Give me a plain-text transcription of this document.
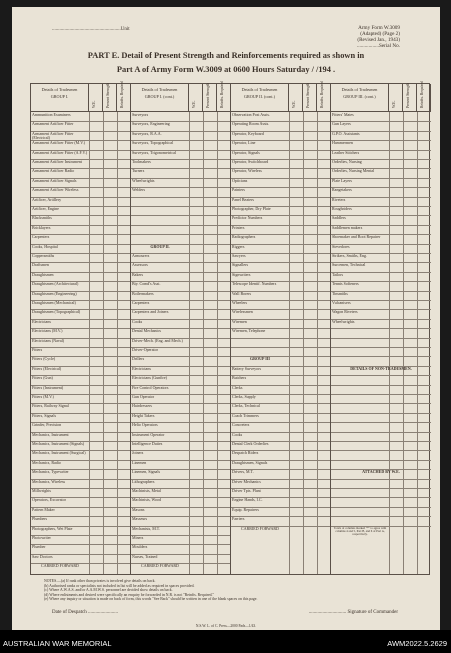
.......................................................Unit	Army Form W.3009
(Adapted) (Page 2)
(Revised Jan., 1943)
.................Serial No.
PART E. Detail of Present Strength and Reinforcements required as shown in
Part A of Army Form W.3009 at 0600 Hours Saturday / /194 .
Details of Tradesmen
GROUP I.
W.E.	Present Strength	Reinfts. Required
Ammunition Examiners
Armament Artificer Fitter
Armament Artificer Fitter (Electrical)
Armament Artificer Fitter (M.V.)
Armament Artificer Fitter (A.F.V.)
Armament Artificer Instrument
Armament Artificer Radio
Armament Artificer Signals
Armament Artificer Wireless
Artificer, Artillery
Artificer, Engine
Blacksmiths
Bricklayers
Carpenters
Cooks, Hospital
Coppersmiths
Draftsmen
Draughtsmen
Draughtsmen (Architectural)
Draughtsmen (Engineering)
Draughtsmen (Mechanical)
Draughtsmen (Topographical)
Electricians
Electricians (M.V.)
Electricians (Naval)
Fitters
Fitters (Cycle)
Fitters (Electrical)
Fitters (Gun)
Fitters (Instrument)
Fitters (M.V.)
Fitters, Railway Signal
Fitters, Signals
Grinder, Precision
Mechanics, Instrument
Mechanics, Instrument (Signals)
Mechanics, Instrument (Surgical)
Mechanics, Radio
Mechanics, Typewriter
Mechanics, Wireless
Millwrights
Operators, Excavator
Pattern Maker
Plumbers
Photographers, Wet Plate
Photowriter
Plumber
Saw Doctors
CARRIED FORWARD
Details of Tradesmen
GROUP I. (cont.)
W.E.	Present Strength	Reinfts. Required
Surveyors
Surveyors, Engineering
Surveyors, R.A.A.
Surveyors, Topographical
Surveyors, Trigonometrical
Toolmakers
Turners
Wheelwrights
Welders
GROUP II.
Armourers
Assessors
Bakers
Bty. Comd's Asst.
Boilermakers
Carpenters
Carpenters and Joiners
Cooks
Dental Mechanics
Driver-Mech. (Eng. and Mech.)
Driver-Operator
Drillers
Electricians
Electricians (Gunfire)
Fire Control Operators
Gun Operator
Hairdressers
Height Takers
Helio Operators
Instrument Operator
Intelligence Duties
Joiners
Linemen
Linemen, Signals
Lithographers
Machinists, Metal
Machinists, Wood
Masons
Masseurs
Mechanists, M.T.
Miners
Moulders
Nurses, Trained
CARRIED FORWARD
Details of Tradesmen
GROUP II. (cont.)
W.E.	Present Strength	Reinfts. Required
Observation Post Assts.
Operating Room Assts.
Operator, Keyboard
Operator, Line
Operator, Signals
Operator, Switchboard
Operator, Wireless
Opticians
Painters
Panel Beaters
Photographer, Dry Plate
Predictor Numbers
Printers
Radiographers
Riggers
Sawyers
Signallers
Signwriters
Telescope Identif. Numbers
Wall Borers
Wheelers
Wirelessmen
Wiremen
Wiremen, Telephone
GROUP III
Battery Surveyors
Butchers
Clerks
Clerks, Supply
Clerks, Technical
Coach Trimmers
Concreters
Cooks
Dental Clerk Orderlies
Despatch Riders
Draughtsmen, Signals
Drivers, M.T.
Driver Mechanics
Driver Tpts. Plant
Engine Hands, I.C.
Equip. Repairers
Farriers
CARRIED FORWARD
Details of Tradesmen
GROUP III. (cont.)
W.E.	Present Strength	Reinfts. Required
Fitters' Mates
Gun Layers
G.P.O. Assistants
Hammermen
Leather Stitchers
Orderlies, Nursing
Orderlies, Nursing Mental
Plate Layers
Rangetakers
Riveters
Roughriders
Saddlers
Saddlemen makers
Shoemaker and Boot Repairer
Stevedores
Strikers, Smiths, Eng.
Surcemen, Technical
Tailors
Tennis Softeners
Tinsmiths
Vulcanisers
Wagon Riveters
Wheelwrights
DETAILS OF NON-TRADESMEN.
ATTACHED BY W.E.
Totals of columns marked "*" to agree with columns 4 and 5, Part B, and 6 of Part A, respectively.
NOTES.—(a) If rank other than privates is involved give details on back.
(b) Authorised ranks or specialists not included in list will be added as required in spaces provided.
(c) Where A.W.A.S. and/or A.A.M.W.S. personnel are decided show details on back.
(d) Where enlistments and desired were specifically an enquiry be forwarded in N.R. is not "Reinfts. Required."
(e) Where any inquiry or situation is made on back of form, this words "See Back" should be written in one of the blank spaces on this page.
Date of Despatch ........................	.............................. Signature of Commander
N.S.W. L. of C. Press—2000 Pads—1/43.
AUSTRALIAN WAR MEMORIAL	AWM2022.5.2629
